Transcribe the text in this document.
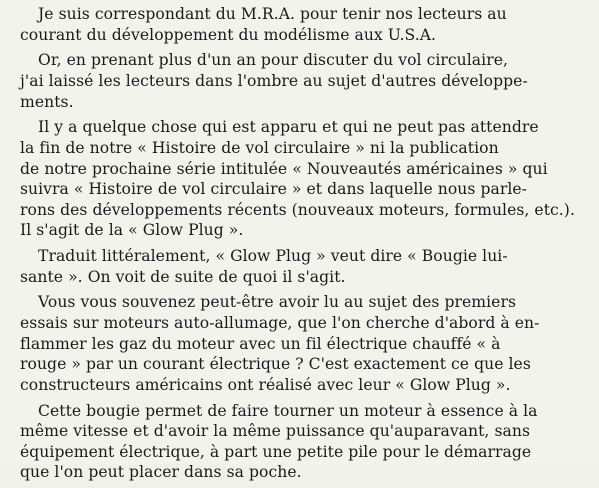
Je suis correspondant du M.R.A. pour tenir nos lecteurs au
courant du développement du modélisme aux U.S.A.
Or, en prenant plus d'un an pour discuter du vol circulaire,
j'ai laissé les lecteurs dans l'ombre au sujet d'autres développe-
ments.
Il y a quelque chose qui est apparu et qui ne peut pas attendre
la fin de notre « Histoire de vol circulaire » ni la publication
de notre prochaine série intitulée « Nouveautés américaines » qui
suivra « Histoire de vol circulaire » et dans laquelle nous parle-
rons des développements récents (nouveaux moteurs, formules, etc.).
Il s'agit de la « Glow Plug ».
Traduit littéralement, « Glow Plug » veut dire « Bougie lui-
sante ». On voit de suite de quoi il s'agit.
Vous vous souvenez peut-être avoir lu au sujet des premiers
essais sur moteurs auto-allumage, que l'on cherche d'abord à en-
flammer les gaz du moteur avec un fil électrique chauffé « à
rouge » par un courant électrique ? C'est exactement ce que les
constructeurs américains ont réalisé avec leur « Glow Plug ».
Cette bougie permet de faire tourner un moteur à essence à la
même vitesse et d'avoir la même puissance qu'auparavant, sans
équipement électrique, à part une petite pile pour le démarrage
que l'on peut placer dans sa poche.
